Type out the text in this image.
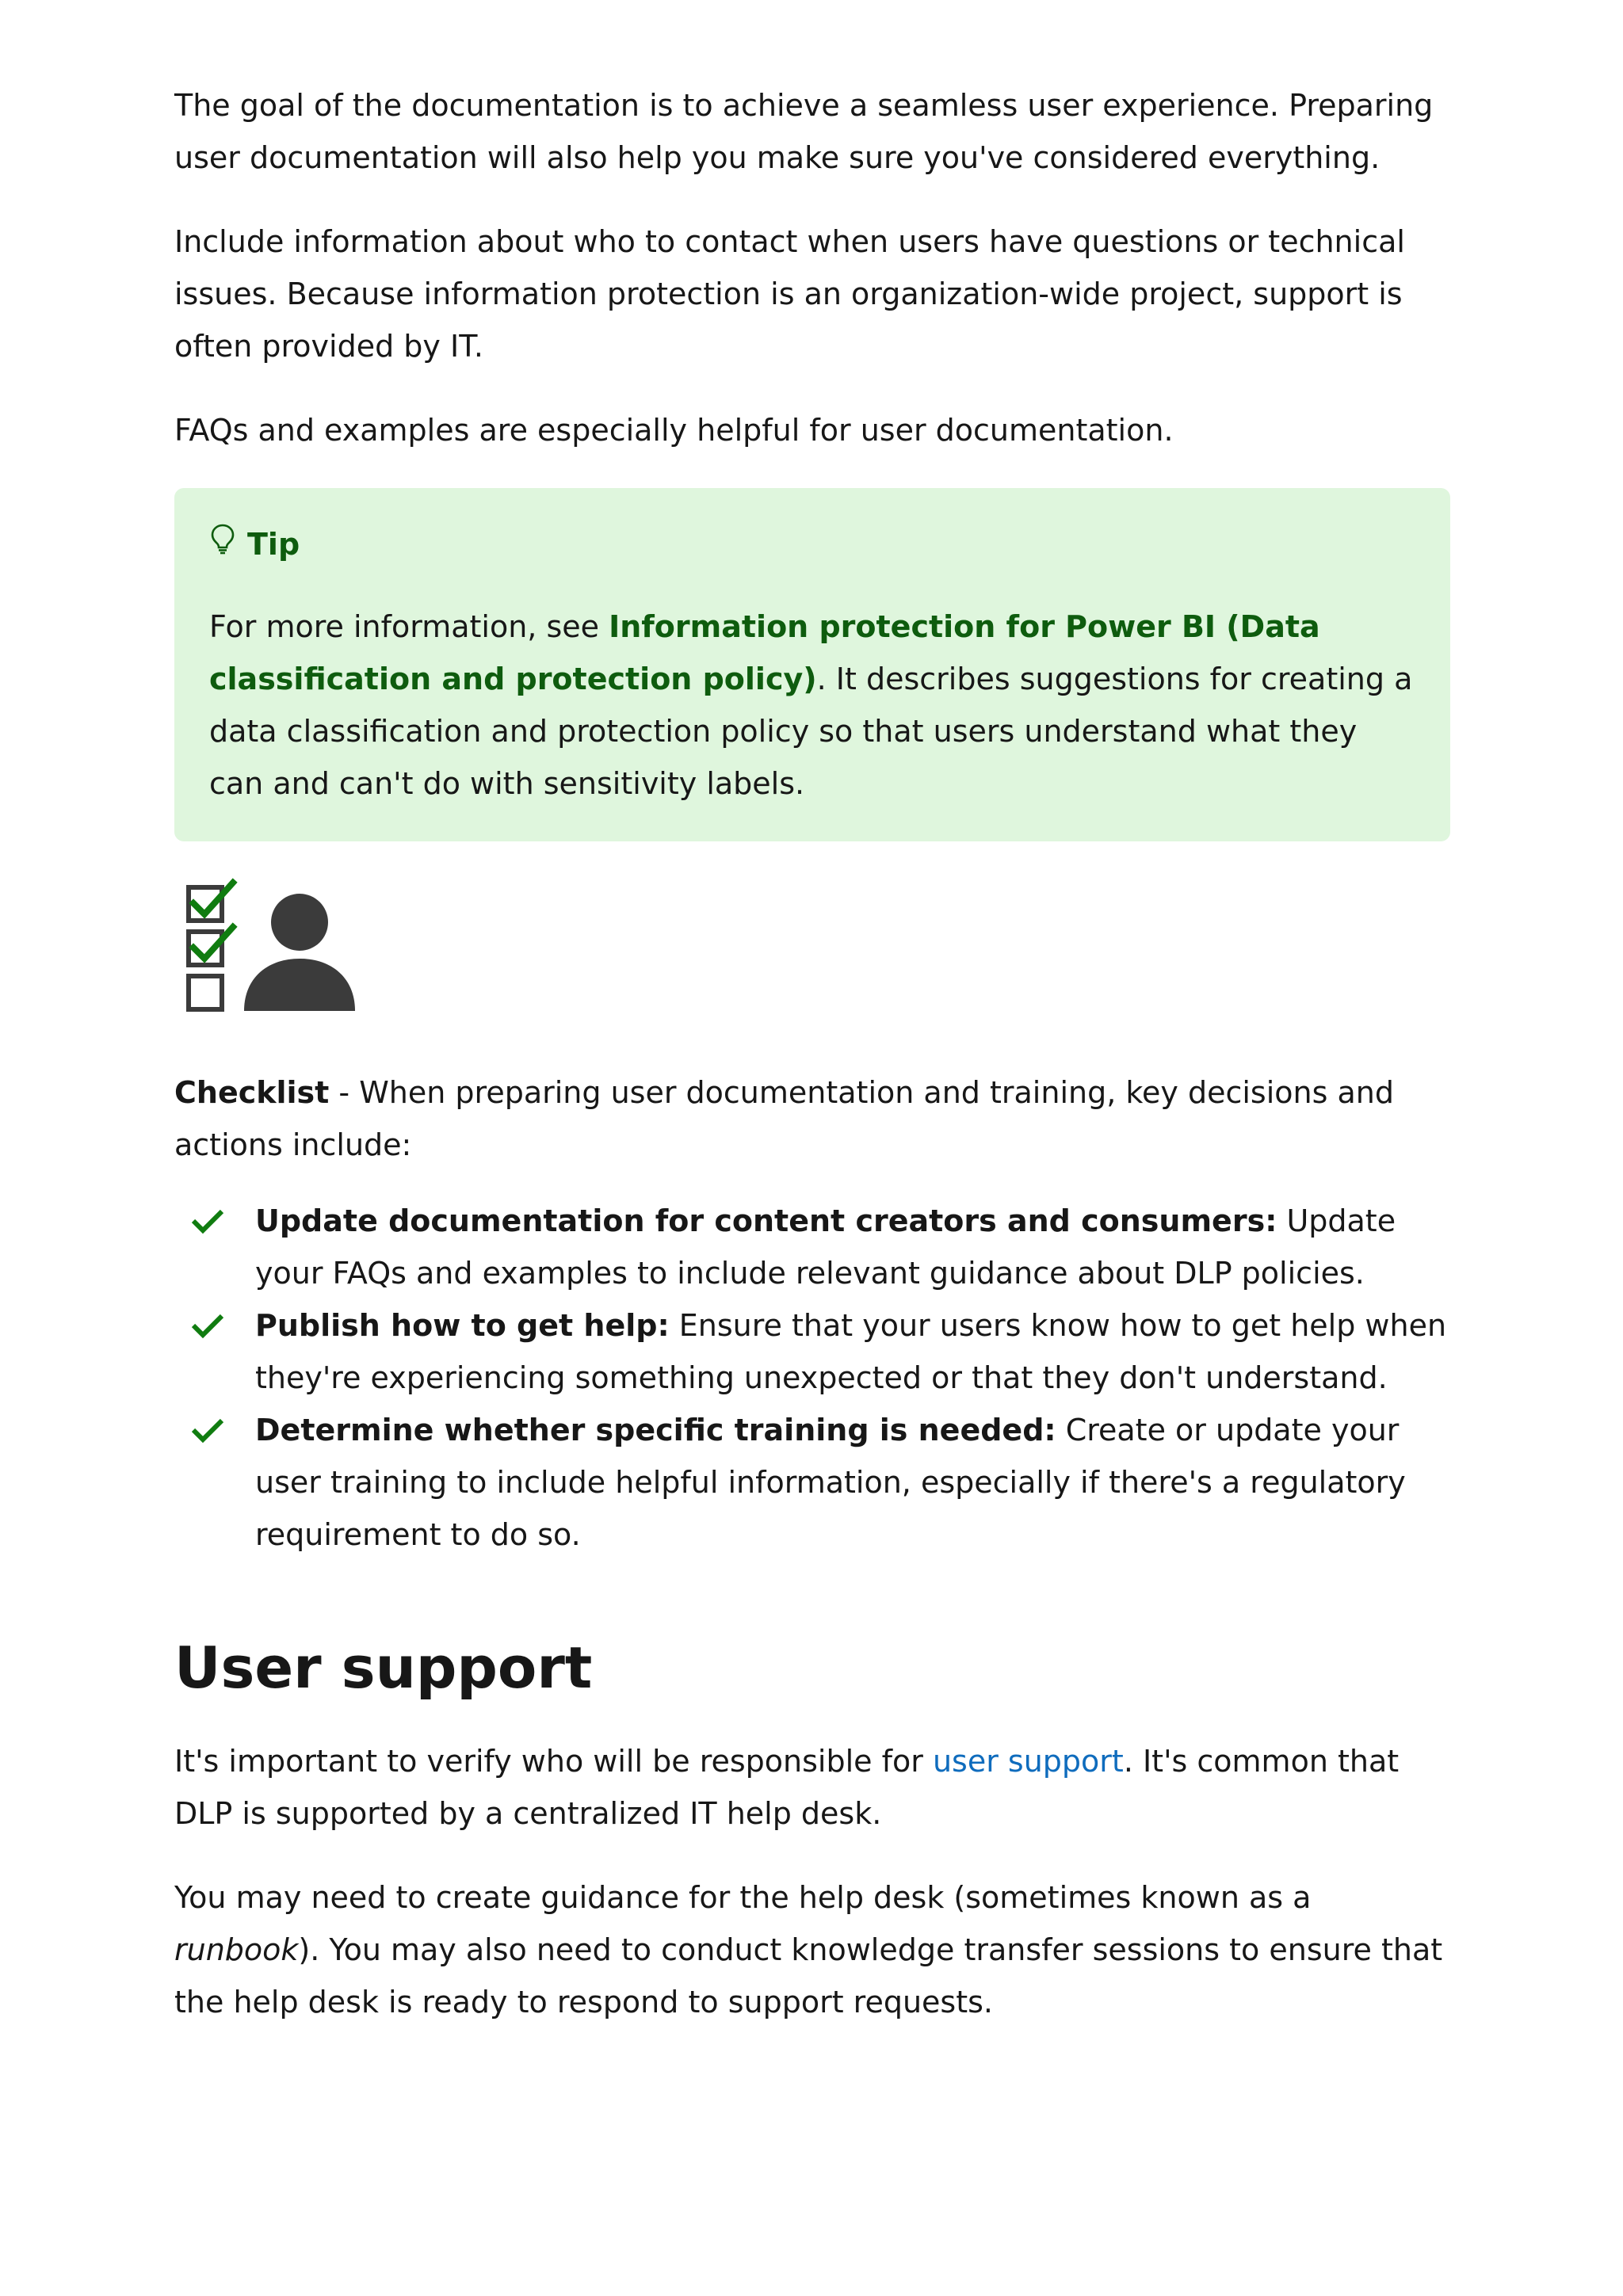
The goal of the documentation is to achieve a seamless user experience. Preparing user documentation will also help you make sure you've considered everything.

Include information about who to contact when users have questions or technical issues. Because information protection is an organization-wide project, support is often provided by IT.

FAQs and examples are especially helpful for user documentation.

Tip

For more information, see Information protection for Power BI (Data classification and protection policy). It describes suggestions for creating a data classification and protection policy so that users understand what they can and can't do with sensitivity labels.

Checklist - When preparing user documentation and training, key decisions and actions include:

Update documentation for content creators and consumers: Update your FAQs and examples to include relevant guidance about DLP policies.
Publish how to get help: Ensure that your users know how to get help when they're experiencing something unexpected or that they don't understand.
Determine whether specific training is needed: Create or update your user training to include helpful information, especially if there's a regulatory requirement to do so.
User support

It's important to verify who will be responsible for user support. It's common that DLP is supported by a centralized IT help desk.

You may need to create guidance for the help desk (sometimes known as a runbook). You may also need to conduct knowledge transfer sessions to ensure that the help desk is ready to respond to support requests.
